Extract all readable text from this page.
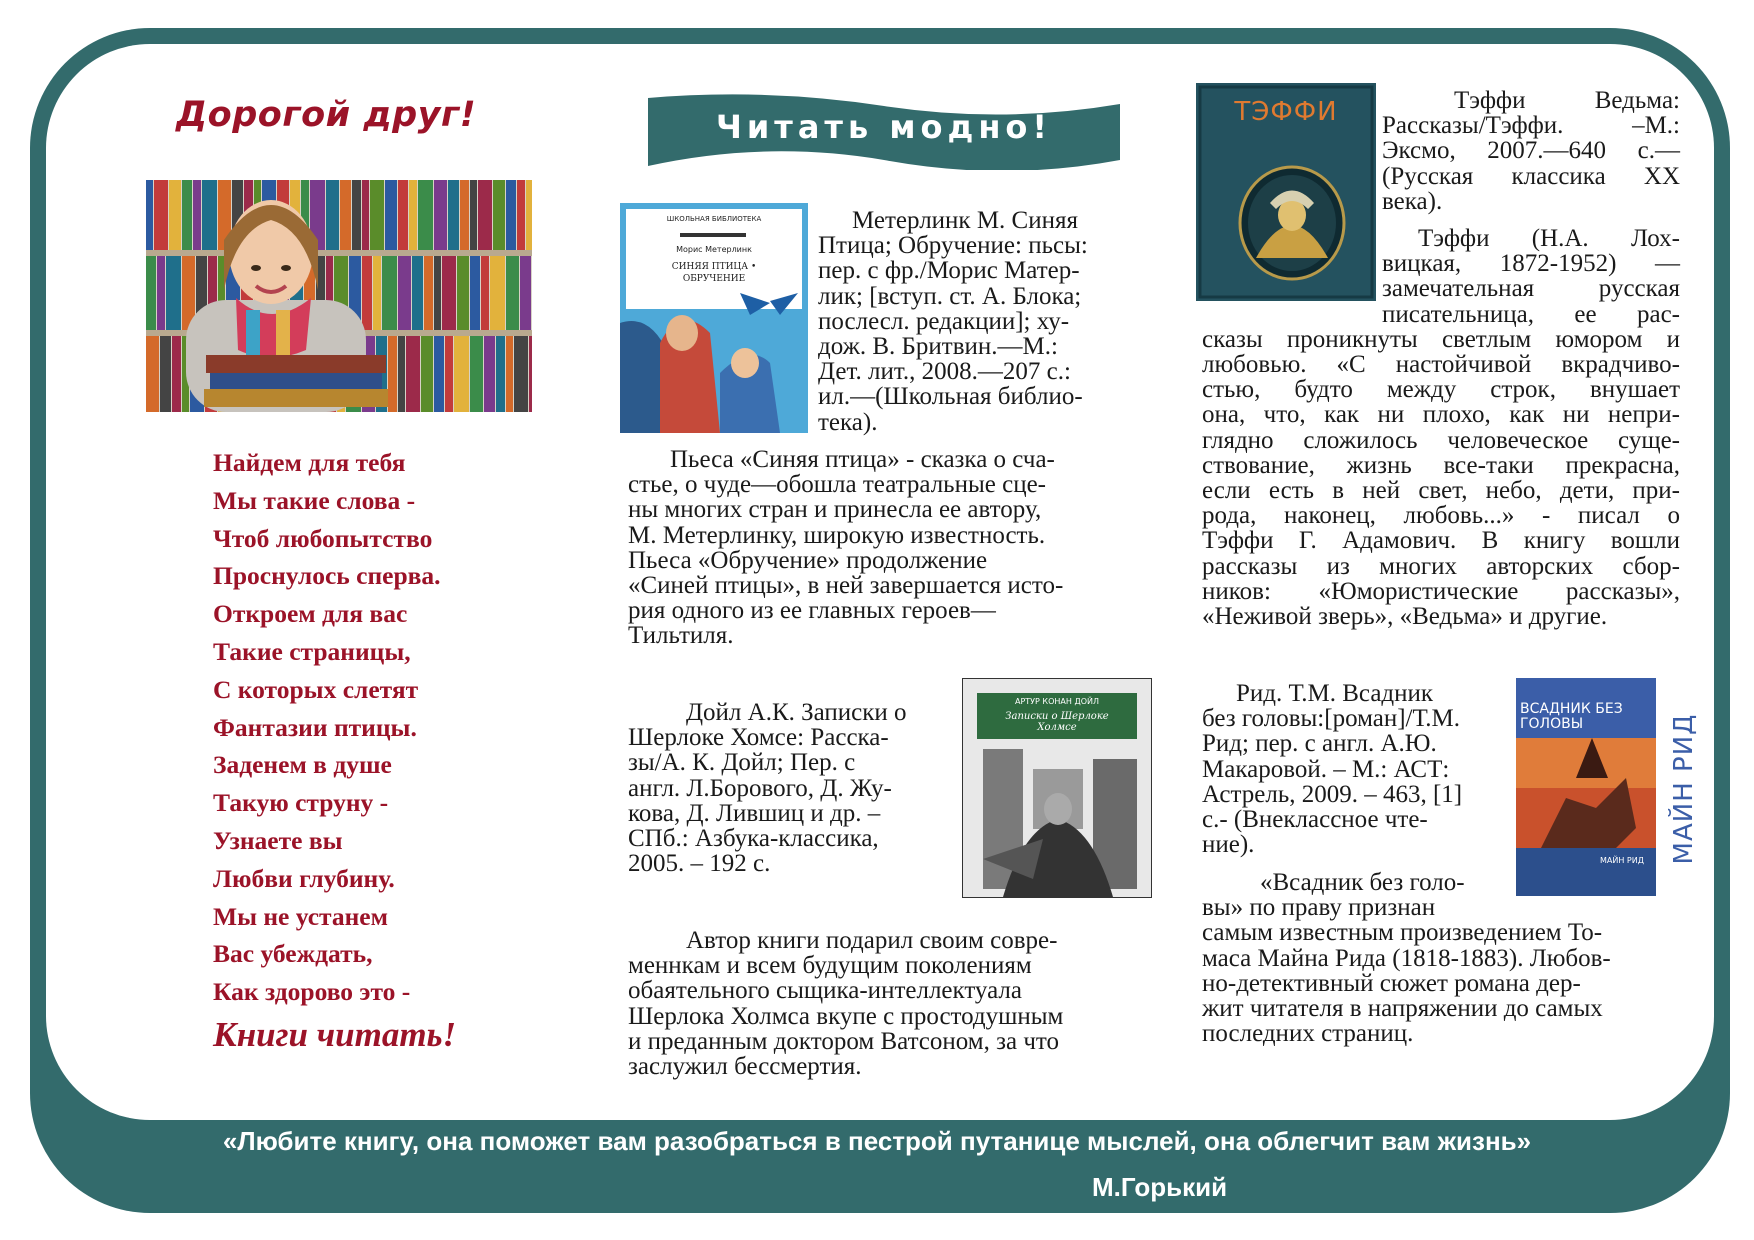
Дорогой друг!
Найдем для тебя
Мы такие слова -
Чтоб любопытство
Проснулось сперва.
Откроем для вас
Такие страницы,
С которых слетят
Фантазии птицы.
Заденем в душе
Такую струну -
Узнаете вы
Любви глубину.
Мы не устанем
Вас убеждать,
Как здорово это -
Книги читать!
Читать модно!
ШКОЛЬНАЯ БИБЛИОТЕКА
Морис Метерлинк
СИНЯЯ ПТИЦА • ОБРУЧЕНИЕ
Метерлинк М. Синяя
Птица; Обручение: пьсы:
пер. с фр./Морис Матер-
лик; [вступ. ст. А. Блока;
послесл. редакции]; ху-
дож. В. Бритвин.—М.:
Дет. лит., 2008.—207 с.:
ил.—(Школьная библио-
тека).
Пьеса «Синяя птица» - сказка о сча-
стье, о чуде—обошла театральные сце-
ны многих стран и принесла ее автору,
М. Метерлинку, широкую известность.
Пьеса «Обручение» продолжение
«Синей птицы», в ней завершается исто-
рия одного из ее главных героев—
Тильтиля.
Дойл А.К. Записки о
Шерлоке Хомсе: Расска-
зы/А. К. Дойл; Пер. с
англ. Л.Борового, Д. Жу-
кова, Д. Лившиц и др. –
СПб.: Азбука-классика,
2005. – 192 с.
АРТУР КОНАН ДОЙЛ
Записки о Шерлоке Холмсе
Автор книги подарил своим совре-
меннкам и всем будущим поколениям
обаятельного сыщика-интеллектуала
Шерлока Холмса вкупе с простодушным
и преданным доктором Ватсоном, за что
заслужил бессмертия.
ТЭФФИ	Тэффи Ведьма:
Рассказы/Тэффи. –М.:
Эксмо, 2007.—640 с.—
(Русская классика XX
века).
Тэффи (Н.А. Лох-
вицкая, 1872-1952) —
замечательная русская
писательница, ее рас-
сказы проникнуты светлым юмором и
любовью. «С настойчивой вкрадчиво-
стью, будто между строк, внушает
она, что, как ни плохо, как ни непри-
глядно сложилось человеческое суще-
ствование, жизнь все-таки прекрасна,
если есть в ней свет, небо, дети, при-
рода, наконец, любовь...» - писал о
Тэффи Г. Адамович. В книгу вошли
рассказы из многих авторских сбор-
ников: «Юмористические рассказы»,
«Неживой зверь», «Ведьма» и другие.
Рид. Т.М. Всадник
без головы:[роман]/Т.М.
Рид; пер. с англ. А.Ю.
Макаровой. – М.: АСТ:
Астрель, 2009. – 463, [1]
с.- (Внеклассное чте-
ние).
ВСАДНИК БЕЗ ГОЛОВЫ
МАЙН РИД МАЙН РИД
«Всадник без голо-
вы» по праву признан
самым известным произведением То-
маса Майна Рида (1818-1883). Любов-
но-детективный сюжет романа дер-
жит читателя в напряжении до самых
последних страниц.
«Любите книгу, она поможет вам разобраться в пестрой путанице мыслей, она облегчит вам жизнь»
М.Горький
